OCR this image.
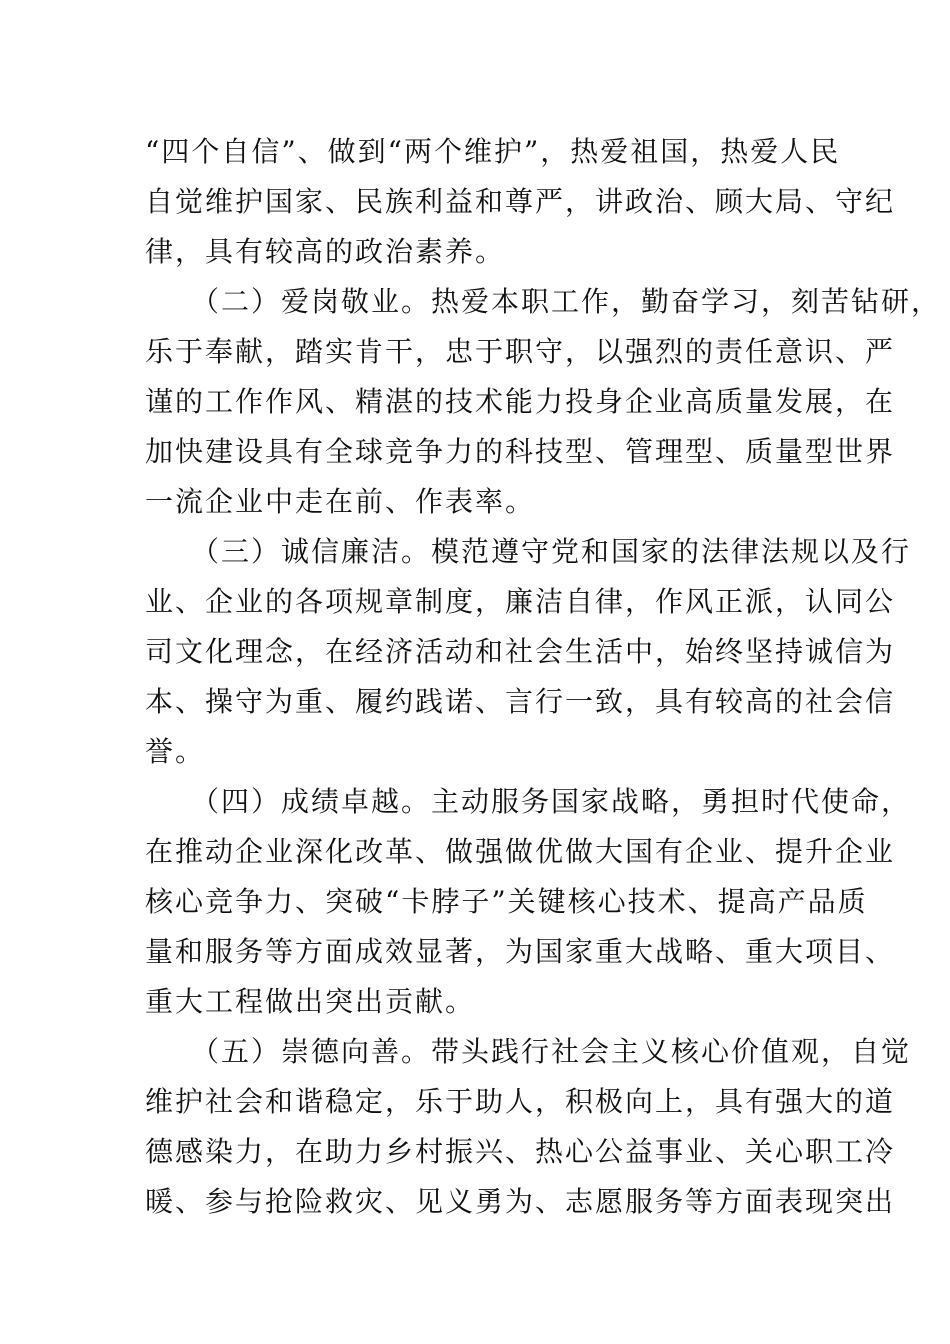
“四个自信”、做到“两个维护”，热爱祖国，热爱人民
自觉维护国家、民族利益和尊严，讲政治、顾大局、守纪
律，具有较高的政治素养。
　　（二）爱岗敬业。热爱本职工作，勤奋学习，刻苦钻研，
乐于奉献，踏实肯干，忠于职守，以强烈的责任意识、严
谨的工作作风、精湛的技术能力投身企业高质量发展，在
加快建设具有全球竞争力的科技型、管理型、质量型世界
一流企业中走在前、作表率。
　　（三）诚信廉洁。模范遵守党和国家的法律法规以及行
业、企业的各项规章制度，廉洁自律，作风正派，认同公
司文化理念，在经济活动和社会生活中，始终坚持诚信为
本、操守为重、履约践诺、言行一致，具有较高的社会信
誉。
　　（四）成绩卓越。主动服务国家战略，勇担时代使命，
在推动企业深化改革、做强做优做大国有企业、提升企业
核心竞争力、突破“卡脖子”关键核心技术、提高产品质
量和服务等方面成效显著，为国家重大战略、重大项目、
重大工程做出突出贡献。
　　（五）崇德向善。带头践行社会主义核心价值观，自觉
维护社会和谐稳定，乐于助人，积极向上，具有强大的道
德感染力，在助力乡村振兴、热心公益事业、关心职工冷
暖、参与抢险救灾、见义勇为、志愿服务等方面表现突出
